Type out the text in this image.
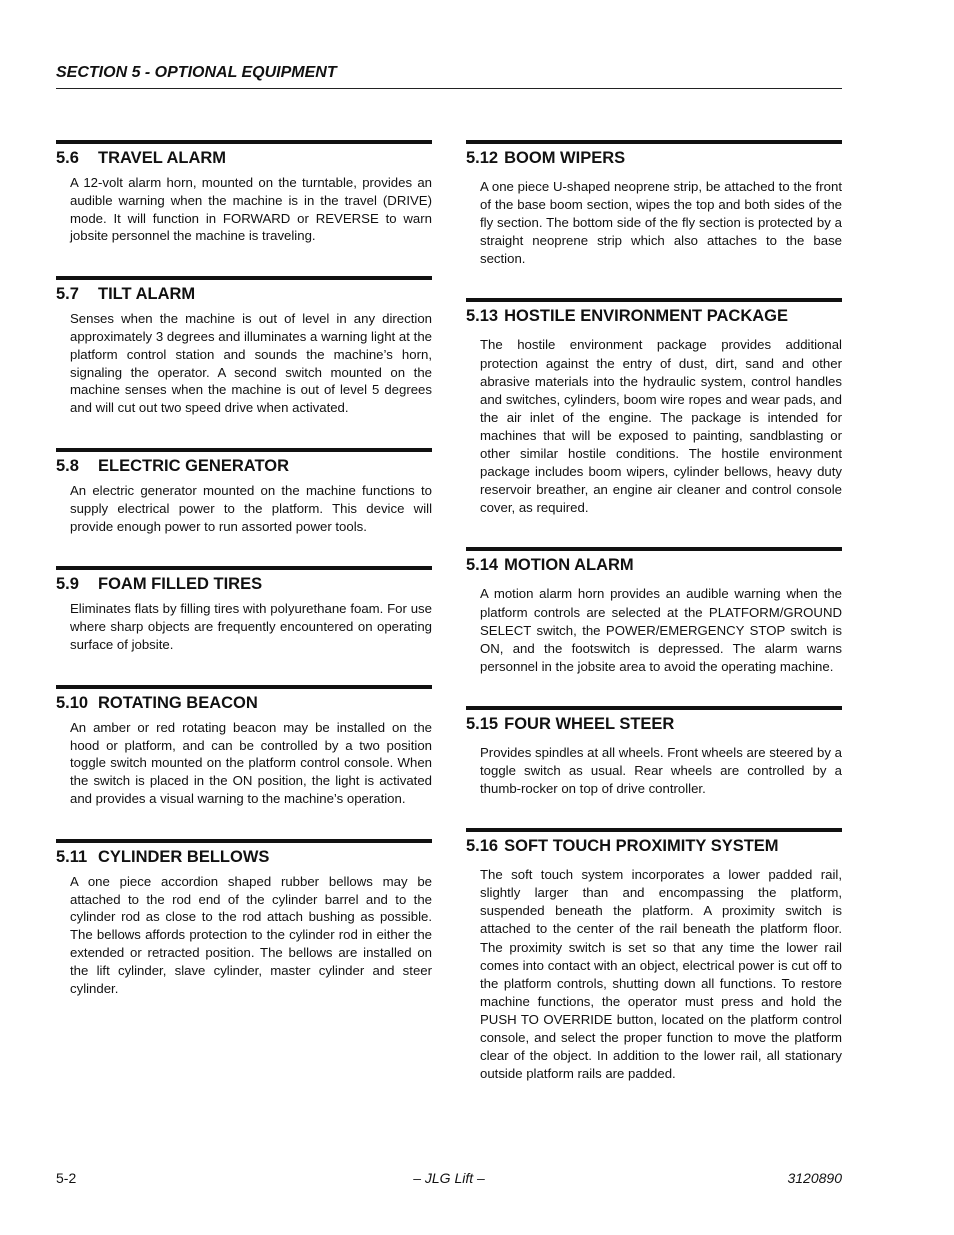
SECTION 5 - OPTIONAL EQUIPMENT
5.6 TRAVEL ALARM

A 12-volt alarm horn, mounted on the turntable, provides an audible warning when the machine is in the travel (DRIVE) mode. It will function in FORWARD or REVERSE to warn jobsite personnel the machine is traveling.

5.7 TILT ALARM

Senses when the machine is out of level in any direction approximately 3 degrees and illuminates a warning light at the platform control station and sounds the machine’s horn, signaling the operator. A second switch mounted on the machine senses when the machine is out of level 5 degrees and will cut out two speed drive when activated.

5.8 ELECTRIC GENERATOR

An electric generator mounted on the machine functions to supply electrical power to the platform. This device will provide enough power to run assorted power tools.

5.9 FOAM FILLED TIRES

Eliminates flats by filling tires with polyurethane foam. For use where sharp objects are frequently encountered on operating surface of jobsite.

5.10 ROTATING BEACON

An amber or red rotating beacon may be installed on the hood or platform, and can be controlled by a two position toggle switch mounted on the platform control console. When the switch is placed in the ON position, the light is activated and provides a visual warning to the machine’s operation.

5.11 CYLINDER BELLOWS

A one piece accordion shaped rubber bellows may be attached to the rod end of the cylinder barrel and to the cylinder rod as close to the rod attach bushing as possible. The bellows affords protection to the cylinder rod in either the extended or retracted position. The bellows are installed on the lift cylinder, slave cylinder, master cylinder and steer cylinder.

5.12 BOOM WIPERS

A one piece U-shaped neoprene strip, be attached to the front of the base boom section, wipes the top and both sides of the fly section. The bottom side of the fly section is protected by a straight neoprene strip which also attaches to the base section.

5.13 HOSTILE ENVIRONMENT PACKAGE

The hostile environment package provides additional protection against the entry of dust, dirt, sand and other abrasive materials into the hydraulic system, control handles and switches, cylinders, boom wire ropes and wear pads, and the air inlet of the engine. The package is intended for machines that will be exposed to painting, sandblasting or other similar hostile conditions. The hostile environment package includes boom wipers, cylinder bellows, heavy duty reservoir breather, an engine air cleaner and control console cover, as required.

5.14 MOTION ALARM

A motion alarm horn provides an audible warning when the platform controls are selected at the PLATFORM/GROUND SELECT switch, the POWER/EMERGENCY STOP switch is ON, and the footswitch is depressed. The alarm warns personnel in the jobsite area to avoid the operating machine.

5.15 FOUR WHEEL STEER

Provides spindles at all wheels. Front wheels are steered by a toggle switch as usual. Rear wheels are controlled by a thumb-rocker on top of drive controller.

5.16 SOFT TOUCH PROXIMITY SYSTEM

The soft touch system incorporates a lower padded rail, slightly larger than and encompassing the platform, suspended beneath the platform. A proximity switch is attached to the center of the rail beneath the platform floor. The proximity switch is set so that any time the lower rail comes into contact with an object, electrical power is cut off to the platform controls, shutting down all functions. To restore machine functions, the operator must press and hold the PUSH TO OVERRIDE button, located on the platform control console, and select the proper function to move the platform clear of the object. In addition to the lower rail, all stationary outside platform rails are padded.

5-2	– JLG Lift –	3120890
